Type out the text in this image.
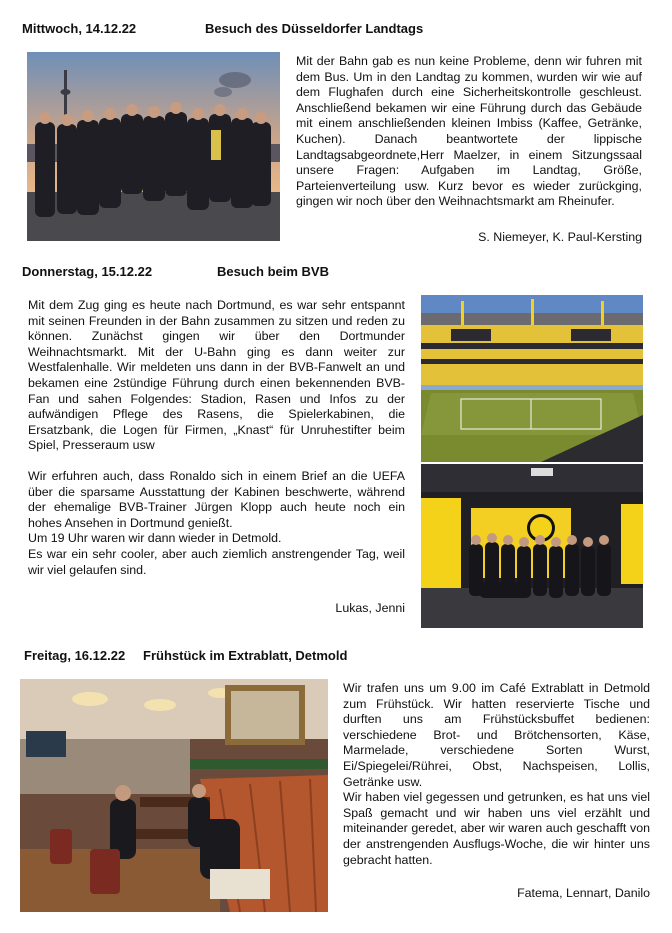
Mittwoch, 14.12.22	Besuch des Düsseldorfer Landtags

Mit der Bahn gab es nun keine Probleme, denn wir fuhren mit dem Bus. Um in den Landtag zu kommen, wurden wir wie auf dem Flughafen durch eine Sicherheitskontrolle geschleust. Anschließend bekamen wir eine Führung durch das Gebäude mit einem anschließenden kleinen Imbiss (Kaffee, Getränke, Kuchen). Danach beantwortete der lippische Landtagsabgeordnete,Herr Maelzer, in einem Sitzungssaal unsere Fragen: Aufgaben im Landtag, Größe, Parteienverteilung usw. Kurz bevor es wieder zurückging, gingen wir noch über den Weihnachtsmarkt am Rheinufer.

S. Niemeyer, K. Paul-Kersting
Donnerstag, 15.12.22	Besuch beim BVB

Mit dem Zug ging es heute nach Dortmund, es war sehr entspannt mit seinen Freunden in der Bahn zusammen zu sitzen und reden zu können. Zunächst gingen wir über den Dortmunder Weihnachtsmarkt. Mit der U-Bahn ging es dann weiter zur Westfalenhalle. Wir meldeten uns dann in der BVB-Fanwelt an und bekamen eine 2stündige Führung durch einen bekennenden BVB-Fan und sahen Folgendes: Stadion, Rasen und Infos zu der aufwändigen Pflege des Rasens, die Spielerkabinen, die Ersatzbank, die Logen für Firmen, „Knast“ für Unruhestifter beim Spiel, Presseraum usw

Wir erfuhren auch, dass Ronaldo sich in einem Brief an die UEFA über die sparsame Ausstattung der Kabinen beschwerte, während der ehemalige BVB-Trainer Jürgen Klopp auch heute noch ein hohes Ansehen in Dortmund genießt.
Um 19 Uhr waren wir dann wieder in Detmold.
Es war ein sehr cooler, aber auch ziemlich anstrengender Tag, weil wir viel gelaufen sind.

Lukas, Jenni
Freitag, 16.12.22 Frühstück im Extrablatt, Detmold

Wir trafen uns um 9.00 im Café Extrablatt in Detmold zum Frühstück. Wir hatten reservierte Tische und durften uns am Frühstücksbuffet bedienen: verschiedene Brot- und Brötchensorten, Käse, Marmelade, verschiedene Sorten Wurst, Ei/Spiegelei/Rührei, Obst, Nachspeisen, Lollis, Getränke usw.
Wir haben viel gegessen und getrunken, es hat uns viel Spaß gemacht und wir haben uns viel erzählt und miteinander geredet, aber wir waren auch geschafft von der anstrengenden Ausflugs-Woche, die wir hinter uns gebracht hatten.

Fatema, Lennart, Danilo
